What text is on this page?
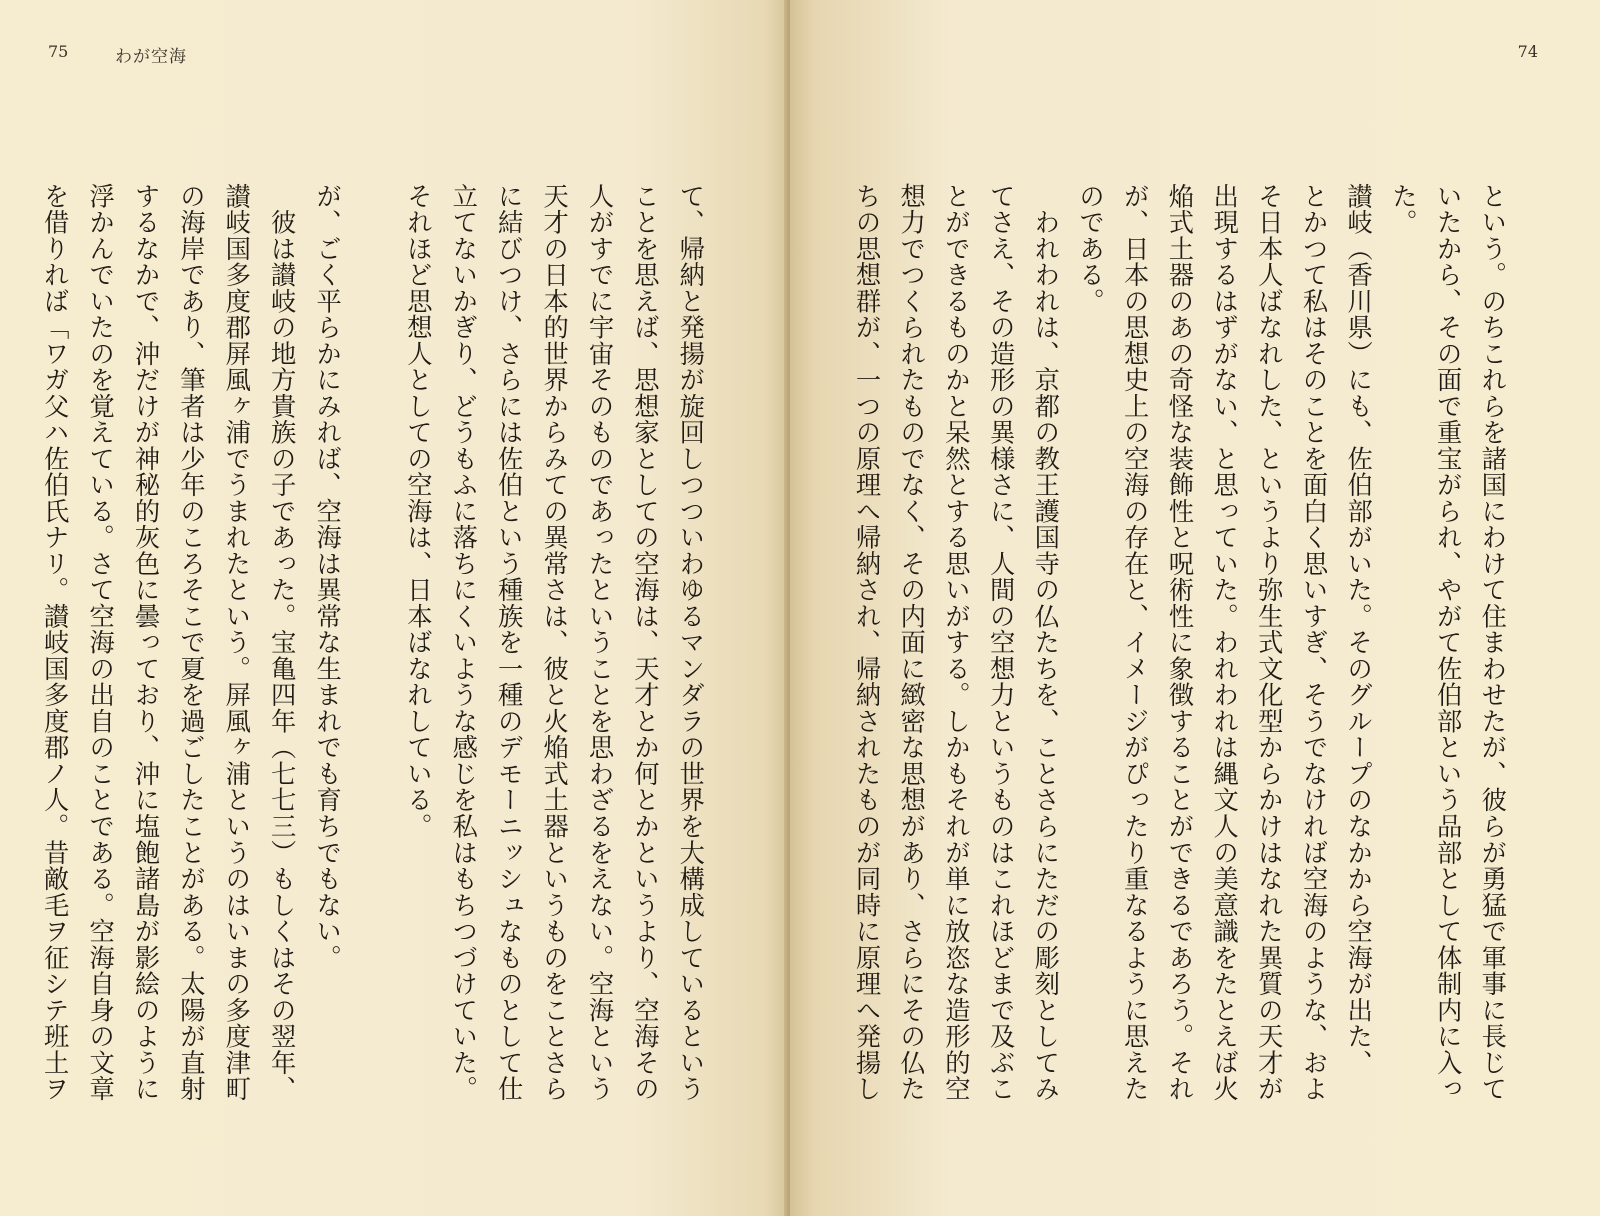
75	わが空海
て、帰納と発揚が旋回しつついわゆるマンダラの世界を大構成しているという
ことを思えば、思想家としての空海は、天才とか何とかというより、空海その
人がすでに宇宙そのものであったということを思わざるをえない。空海という
天才の日本的世界からみての異常さは、彼と火焔式土器というものをことさら
に結びつけ、さらには佐伯という種族を一種のデモーニッシュなものとして仕
立てないかぎり、どうもふに落ちにくいような感じを私はもちつづけていた。
それほど思想人としての空海は、日本ばなれしている。
が、ごく平らかにみれば、空海は異常な生まれでも育ちでもない。
　彼は讃岐の地方貴族の子であった。宝亀四年（七七三）もしくはその翌年、
讃岐国多度郡屏風ヶ浦でうまれたという。屏風ヶ浦というのはいまの多度津町
の海岸であり、筆者は少年のころそこで夏を過ごしたことがある。太陽が直射
するなかで、沖だけが神秘的灰色に曇っており、沖に塩飽諸島が影絵のように
浮かんでいたのを覚えている。さて空海の出自のことである。空海自身の文章
を借りれば「ワガ父ハ佐伯氏ナリ。讃岐国多度郡ノ人。昔敵毛ヲ征シテ班土ヲ
74
という。のちこれらを諸国にわけて住まわせたが、彼らが勇猛で軍事に長じて
いたから、その面で重宝がられ、やがて佐伯部という品部として体制内に入っ
た。
讃岐（香川県）にも、佐伯部がいた。そのグループのなかから空海が出た、
とかつて私はそのことを面白く思いすぎ、そうでなければ空海のような、およ
そ日本人ばなれした、というより弥生式文化型からかけはなれた異質の天才が
出現するはずがない、と思っていた。われわれは縄文人の美意識をたとえば火
焔式土器のあの奇怪な装飾性と呪術性に象徴することができるであろう。それ
が、日本の思想史上の空海の存在と、イメージがぴったり重なるように思えた
のである。
　われわれは、京都の教王護国寺の仏たちを、ことさらにただの彫刻としてみ
てさえ、その造形の異様さに、人間の空想力というものはこれほどまで及ぶこ
とができるものかと呆然とする思いがする。しかもそれが単に放恣な造形的空
想力でつくられたものでなく、その内面に緻密な思想があり、さらにその仏た
ちの思想群が、一つの原理へ帰納され、帰納されたものが同時に原理へ発揚し
